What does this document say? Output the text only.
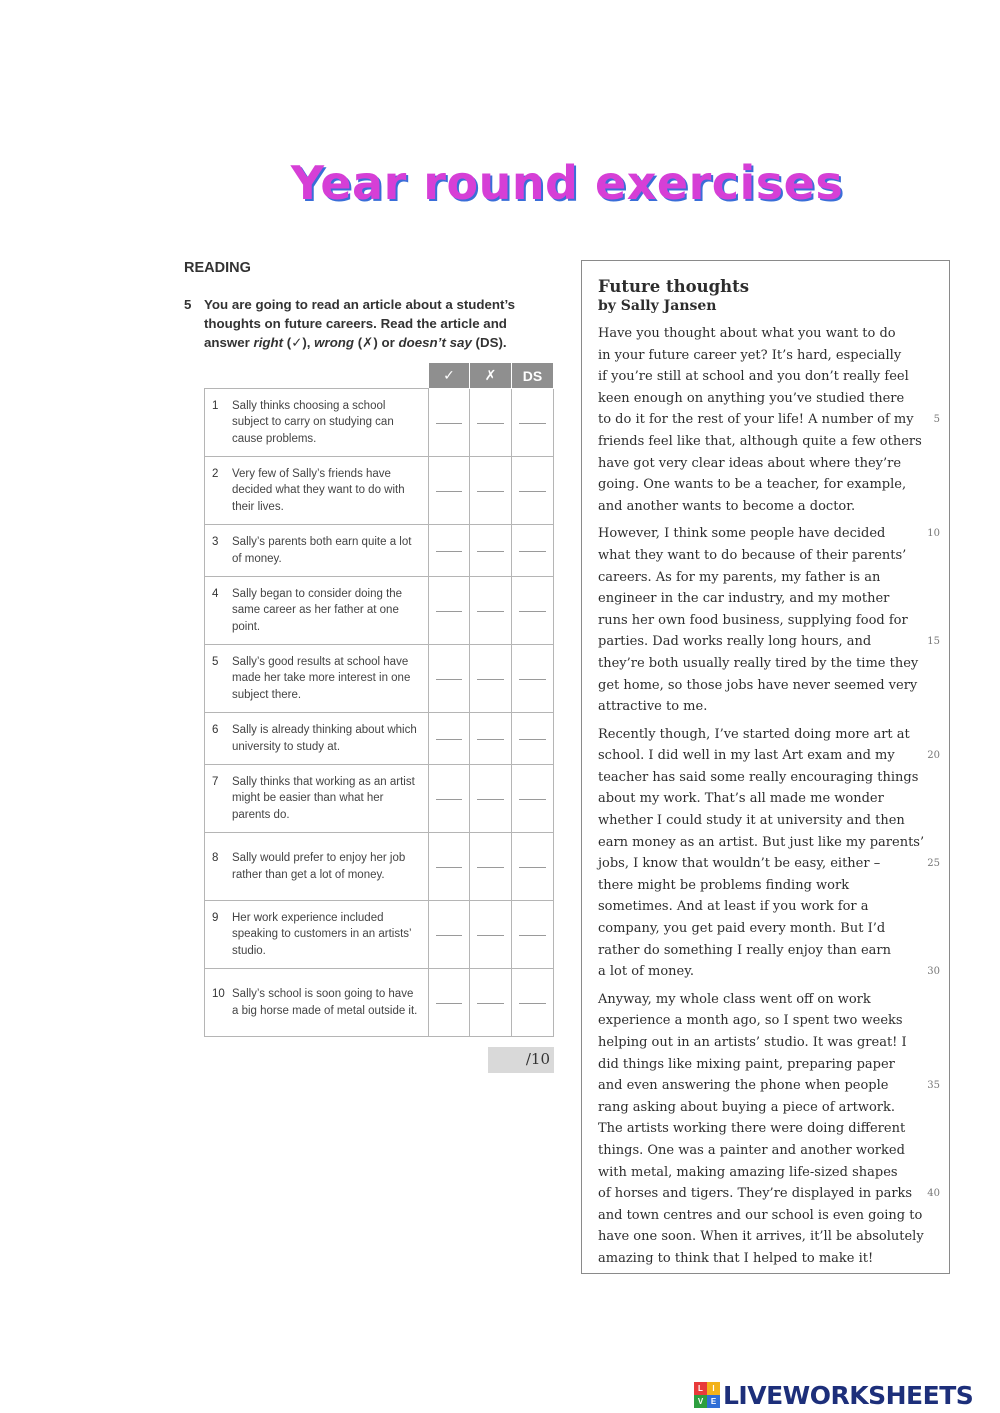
Year round exercises
READING
5 You are going to read an article about a student’s thoughts on future careers. Read the article and answer right (✓), wrong (✗) or doesn’t say (DS).
	✓	✗	DS
1 Sally thinks choosing a school subject to carry on studying can cause problems.	

2 Very few of Sally’s friends have decided what they want to do with their lives.	

3 Sally’s parents both earn quite a lot of money.	

4 Sally began to consider doing the same career as her father at one point.	

5 Sally’s good results at school have made her take more interest in one subject there.	

6 Sally is already thinking about which university to study at.	

7 Sally thinks that working as an artist might be easier than what her parents do.	

8 Sally would prefer to enjoy her job rather than get a lot of money.	

9 Her work experience included speaking to customers in an artists’ studio.	

10 Sally’s school is soon going to have a big horse made of metal outside it.	

/10
Future thoughts
by Sally Jansen
Have you thought about what you want to do
in your future career yet? It’s hard, especially
if you’re still at school and you don’t really feel
keen enough on anything you’ve studied there
to do it for the rest of your life! A number of my 5
friends feel like that, although quite a few others
have got very clear ideas about where they’re
going. One wants to be a teacher, for example,
and another wants to become a doctor.
However, I think some people have decided	10
what they want to do because of their parents’
careers. As for my parents, my father is an
engineer in the car industry, and my mother
runs her own food business, supplying food for
parties. Dad works really long hours, and	15
they’re both usually really tired by the time they
get home, so those jobs have never seemed very
attractive to me.
Recently though, I’ve started doing more art at
school. I did well in my last Art exam and my	20
teacher has said some really encouraging things
about my work. That’s all made me wonder
whether I could study it at university and then
earn money as an artist. But just like my parents’
jobs, I know that wouldn’t be easy, either –	25
there might be problems finding work
sometimes. And at least if you work for a
company, you get paid every month. But I’d
rather do something I really enjoy than earn
a lot of money.	30
Anyway, my whole class went off on work
experience a month ago, so I spent two weeks
helping out in an artists’ studio. It was great! I
did things like mixing paint, preparing paper
and even answering the phone when people	35
rang asking about buying a piece of artwork.
The artists working there were doing different
things. One was a painter and another worked
with metal, making amazing life-sized shapes
of horses and tigers. They’re displayed in parks 40
and town centres and our school is even going to
have one soon. When it arrives, it’ll be absolutely
amazing to think that I helped to make it!
L	I
V E LIVEWORKSHEETS
